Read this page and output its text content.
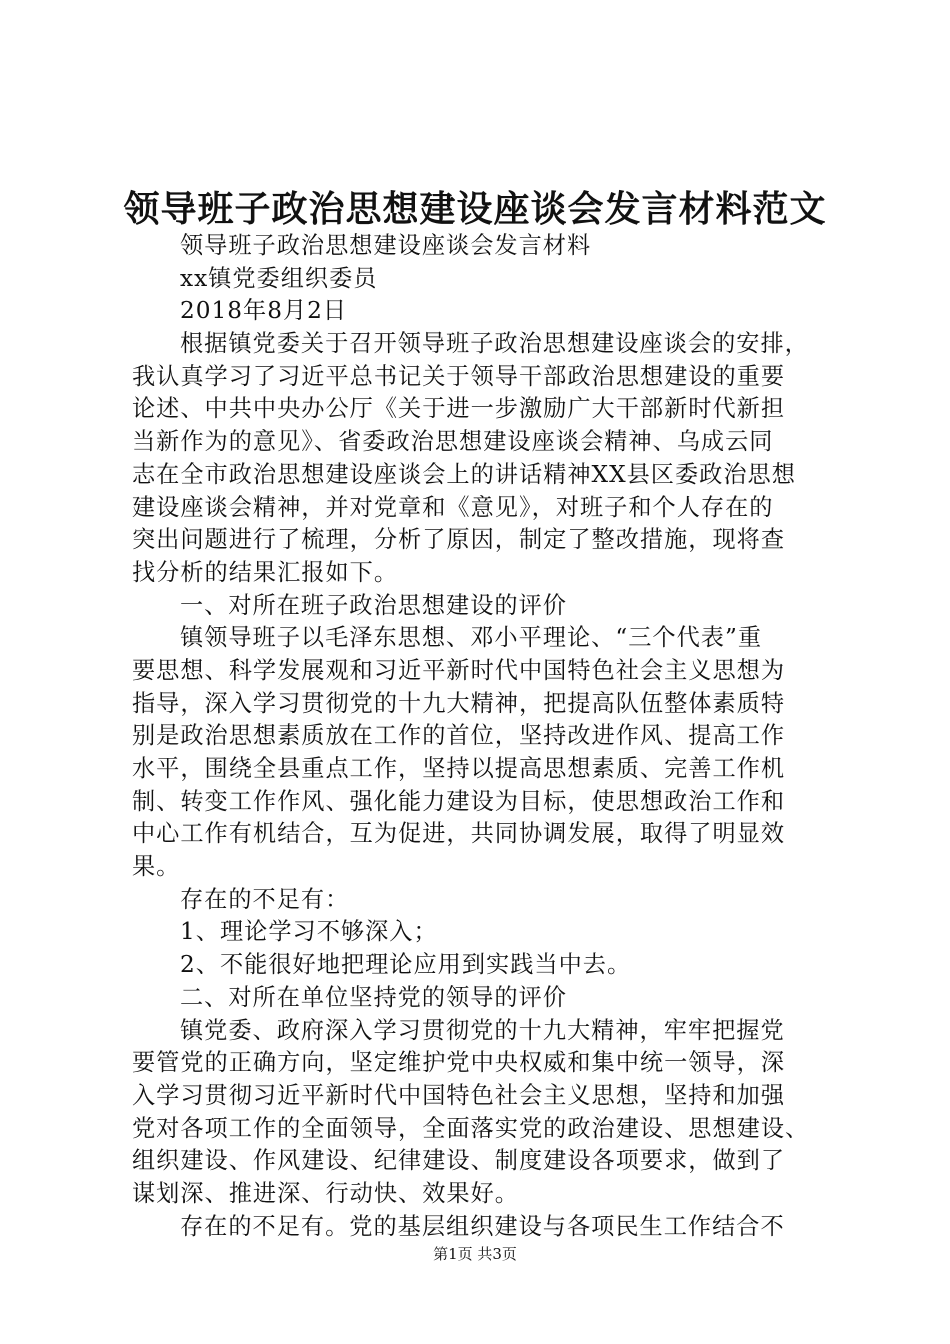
领导班子政治思想建设座谈会发言材料范文
领导班子政治思想建设座谈会发言材料
xx镇党委组织委员
2018年8月2日
根据镇党委关于召开领导班子政治思想建设座谈会的安排，
我认真学习了习近平总书记关于领导干部政治思想建设的重要
论述、中共中央办公厅《关于进一步激励广大干部新时代新担
当新作为的意见》、省委政治思想建设座谈会精神、乌成云同
志在全市政治思想建设座谈会上的讲话精神XX县区委政治思想
建设座谈会精神，并对党章和《意见》，对班子和个人存在的
突出问题进行了梳理，分析了原因，制定了整改措施，现将查
找分析的结果汇报如下。
一、对所在班子政治思想建设的评价
镇领导班子以毛泽东思想、邓小平理论、“三个代表”重
要思想、科学发展观和习近平新时代中国特色社会主义思想为
指导，深入学习贯彻党的十九大精神，把提高队伍整体素质特
别是政治思想素质放在工作的首位，坚持改进作风、提高工作
水平，围绕全县重点工作，坚持以提高思想素质、完善工作机
制、转变工作作风、强化能力建设为目标，使思想政治工作和
中心工作有机结合，互为促进，共同协调发展，取得了明显效
果。
存在的不足有：
1、理论学习不够深入；
2、不能很好地把理论应用到实践当中去。
二、对所在单位坚持党的领导的评价
镇党委、政府深入学习贯彻党的十九大精神，牢牢把握党
要管党的正确方向，坚定维护党中央权威和集中统一领导，深
入学习贯彻习近平新时代中国特色社会主义思想，坚持和加强
党对各项工作的全面领导，全面落实党的政治建设、思想建设、
组织建设、作风建设、纪律建设、制度建设各项要求，做到了
谋划深、推进深、行动快、效果好。
存在的不足有。党的基层组织建设与各项民生工作结合不
第1页 共3页
